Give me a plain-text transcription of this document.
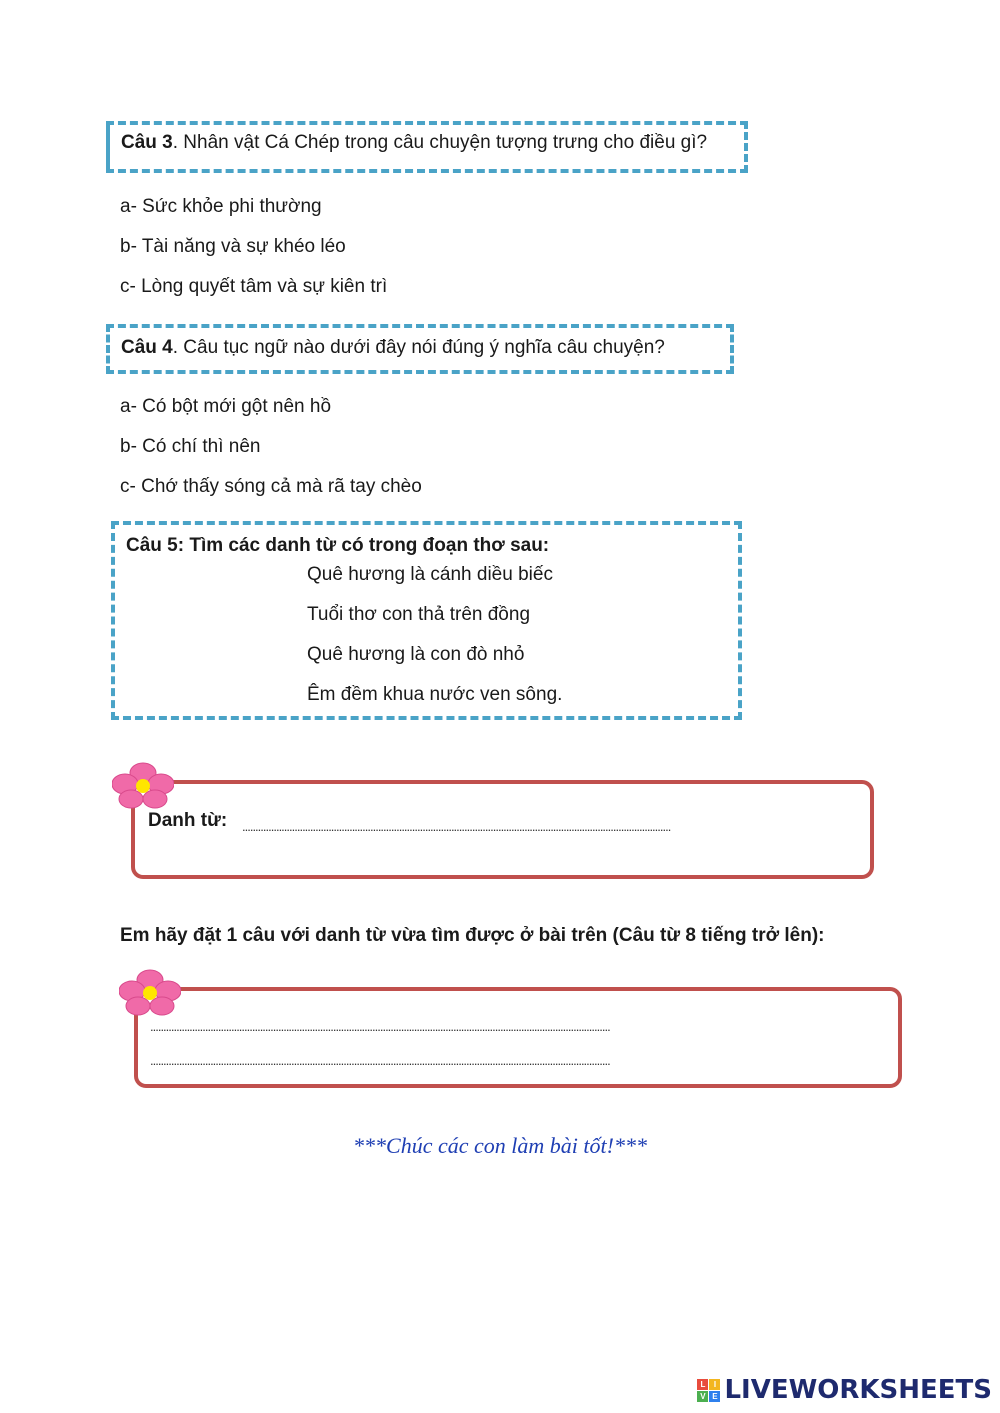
Câu 3. Nhân vật Cá Chép trong câu chuyện tượng trưng cho điều gì?
a- Sức khỏe phi thường
b- Tài năng và sự khéo léo
c- Lòng quyết tâm và sự kiên trì
Câu 4. Câu tục ngữ nào dưới đây nói đúng ý nghĩa câu chuyện?
a- Có bột mới gột nên hồ
b- Có chí thì nên
c- Chớ thấy sóng cả mà rã tay chèo
Câu 5: Tìm các danh từ có trong đoạn thơ sau:
Quê hương là cánh diều biếc
Tuổi thơ con thả trên đồng
Quê hương là con đò nhỏ
Êm đềm khua nước ven sông.
Danh từ: ....................................................................................................................................................................
Em hãy đặt 1 câu với danh từ vừa tìm được ở bài trên (Câu từ 8 tiếng trở lên):
................................................................................................................................................................................
................................................................................................................................................................................
***Chúc các con làm bài tốt!***
L	I
V E LIVEWORKSHEETS
